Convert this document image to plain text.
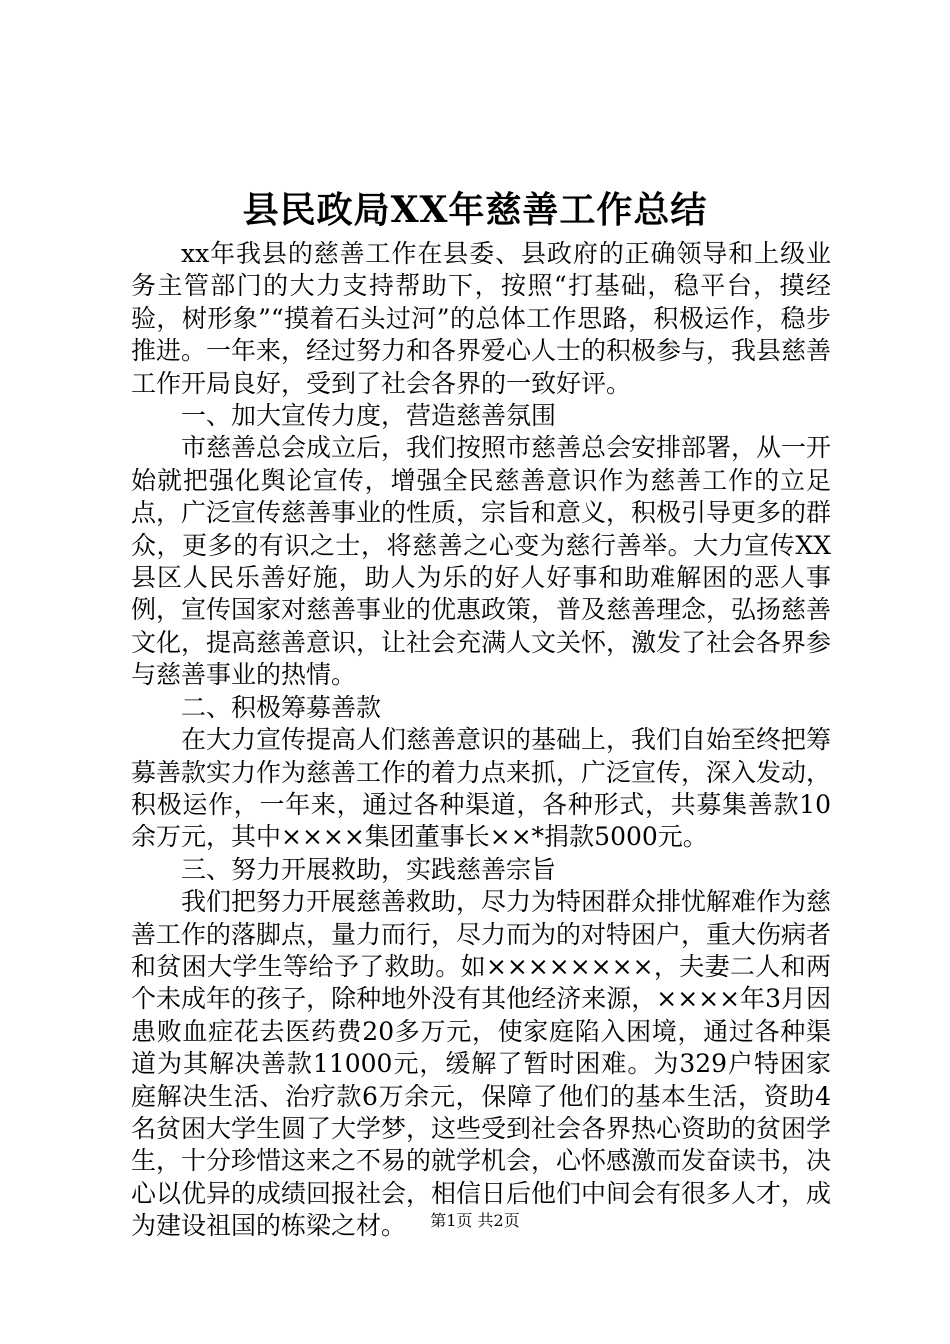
县民政局XX年慈善工作总结

xx年我县的慈善工作在县委、县政府的正确领导和上级业务主管部门的大力支持帮助下，按照“打基础，稳平台，摸经验，树形象”“摸着石头过河”的总体工作思路，积极运作，稳步推进。一年来，经过努力和各界爱心人士的积极参与，我县慈善工作开局良好，受到了社会各界的一致好评。

一、加大宣传力度，营造慈善氛围

市慈善总会成立后，我们按照市慈善总会安排部署，从一开始就把强化舆论宣传，增强全民慈善意识作为慈善工作的立足点，广泛宣传慈善事业的性质，宗旨和意义，积极引导更多的群众，更多的有识之士，将慈善之心变为慈行善举。大力宣传XX县区人民乐善好施，助人为乐的好人好事和助难解困的恶人事例，宣传国家对慈善事业的优惠政策，普及慈善理念，弘扬慈善文化，提高慈善意识，让社会充满人文关怀，激发了社会各界参与慈善事业的热情。

二、积极筹募善款

在大力宣传提高人们慈善意识的基础上，我们自始至终把筹募善款实力作为慈善工作的着力点来抓，广泛宣传，深入发动，积极运作，一年来，通过各种渠道，各种形式，共募集善款10余万元，其中××××集团董事长××*捐款5000元。

三、努力开展救助，实践慈善宗旨

我们把努力开展慈善救助，尽力为特困群众排忧解难作为慈善工作的落脚点，量力而行，尽力而为的对特困户，重大伤病者和贫困大学生等给予了救助。如××××××××，夫妻二人和两个未成年的孩子，除种地外没有其他经济来源，××××年3月因患败血症花去医药费20多万元，使家庭陷入困境，通过各种渠道为其解决善款11000元，缓解了暂时困难。为329户特困家庭解决生活、治疗款6万余元，保障了他们的基本生活，资助4名贫困大学生圆了大学梦，这些受到社会各界热心资助的贫困学生，十分珍惜这来之不易的就学机会，心怀感激而发奋读书，决心以优异的成绩回报社会，相信日后他们中间会有很多人才，成为建设祖国的栋梁之材。	第1页 共2页
